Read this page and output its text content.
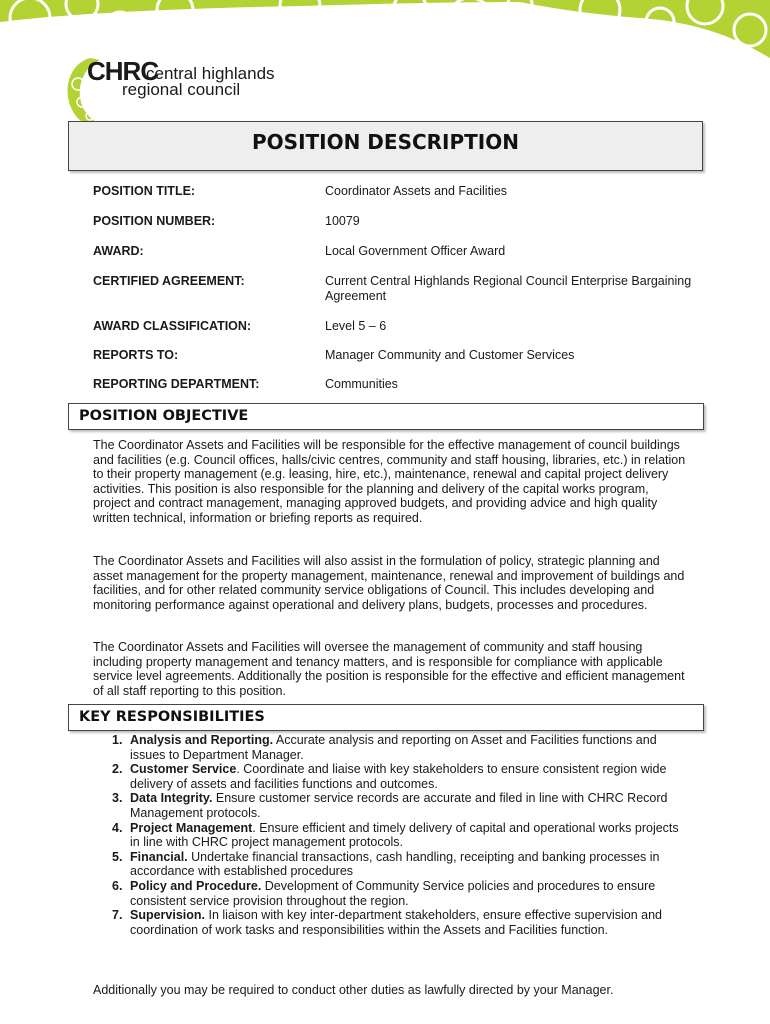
CHRC
central highlands
regional council
POSITION DESCRIPTION
POSITION TITLE:	Coordinator Assets and Facilities
POSITION NUMBER:	10079
AWARD:	Local Government Officer Award
CERTIFIED AGREEMENT:	Current Central Highlands Regional Council Enterprise Bargaining Agreement
AWARD CLASSIFICATION:	Level 5 – 6
REPORTS TO:	Manager Community and Customer Services
REPORTING DEPARTMENT:	Communities
POSITION OBJECTIVE

The Coordinator Assets and Facilities will be responsible for the effective management of council buildings and facilities (e.g. Council offices, halls/civic centres, community and staff housing, libraries, etc.) in relation to their property management (e.g. leasing, hire, etc.), maintenance, renewal and capital project delivery activities. This position is also responsible for the planning and delivery of the capital works program, project and contract management, managing approved budgets, and providing advice and high quality written technical, information or briefing reports as required.

The Coordinator Assets and Facilities will also assist in the formulation of policy, strategic planning and asset management for the property management, maintenance, renewal and improvement of buildings and facilities, and for other related community service obligations of Council. This includes developing and monitoring performance against operational and delivery plans, budgets, processes and procedures.

The Coordinator Assets and Facilities will oversee the management of community and staff housing including property management and tenancy matters, and is responsible for compliance with applicable service level agreements. Additionally the position is responsible for the effective and efficient management of all staff reporting to this position.

KEY RESPONSIBILITIES
1. Analysis and Reporting. Accurate analysis and reporting on Asset and Facilities functions and issues to Department Manager.
2. Customer Service. Coordinate and liaise with key stakeholders to ensure consistent region wide delivery of assets and facilities functions and outcomes.
3. Data Integrity. Ensure customer service records are accurate and filed in line with CHRC Record Management protocols.
4. Project Management. Ensure efficient and timely delivery of capital and operational works projects in line with CHRC project management protocols.
5. Financial. Undertake financial transactions, cash handling, receipting and banking processes in accordance with established procedures
6. Policy and Procedure. Development of Community Service policies and procedures to ensure consistent service provision throughout the region.
7. Supervision. In liaison with key inter-department stakeholders, ensure effective supervision and coordination of work tasks and responsibilities within the Assets and Facilities function.
Additionally you may be required to conduct other duties as lawfully directed by your Manager.
